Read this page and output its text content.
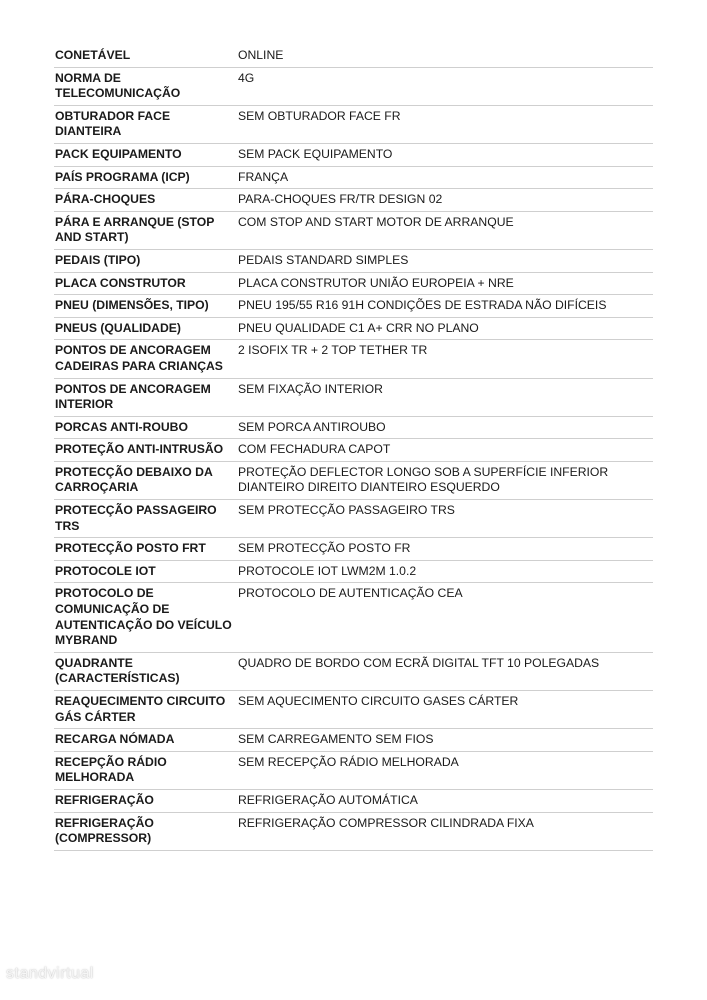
CONETÁVEL	ONLINE
NORMA DE TELECOMUNICAÇÃO	4G
OBTURADOR FACE DIANTEIRA	SEM OBTURADOR FACE FR
PACK EQUIPAMENTO	SEM PACK EQUIPAMENTO
PAÍS PROGRAMA (ICP)	FRANÇA
PÁRA-CHOQUES	PARA-CHOQUES FR/TR DESIGN 02
PÁRA E ARRANQUE (STOP AND START)	COM STOP AND START MOTOR DE ARRANQUE
PEDAIS (TIPO)	PEDAIS STANDARD SIMPLES
PLACA CONSTRUTOR	PLACA CONSTRUTOR UNIÃO EUROPEIA + NRE
PNEU (DIMENSÕES, TIPO)	PNEU 195/55 R16 91H CONDIÇÕES DE ESTRADA NÃO DIFÍCEIS
PNEUS (QUALIDADE)	PNEU QUALIDADE C1 A+ CRR NO PLANO
PONTOS DE ANCORAGEM CADEIRAS PARA CRIANÇAS	2 ISOFIX TR + 2 TOP TETHER TR
PONTOS DE ANCORAGEM INTERIOR	SEM FIXAÇÃO INTERIOR
PORCAS ANTI-ROUBO	SEM PORCA ANTIROUBO
PROTEÇÃO ANTI-INTRUSÃO	COM FECHADURA CAPOT
PROTECÇÃO DEBAIXO DA CARROÇARIA	PROTEÇÃO DEFLECTOR LONGO SOB A SUPERFÍCIE INFERIOR DIANTEIRO DIREITO DIANTEIRO ESQUERDO
PROTECÇÃO PASSAGEIRO TRS	SEM PROTECÇÃO PASSAGEIRO TRS
PROTECÇÃO POSTO FRT	SEM PROTECÇÃO POSTO FR
PROTOCOLE IOT	PROTOCOLE IOT LWM2M 1.0.2
PROTOCOLO DE COMUNICAÇÃO DE AUTENTICAÇÃO DO VEÍCULO MYBRAND	PROTOCOLO DE AUTENTICAÇÃO CEA
QUADRANTE (CARACTERÍSTICAS)	QUADRO DE BORDO COM ECRÃ DIGITAL TFT 10 POLEGADAS
REAQUECIMENTO CIRCUITO GÁS CÁRTER	SEM AQUECIMENTO CIRCUITO GASES CÁRTER
RECARGA NÓMADA	SEM CARREGAMENTO SEM FIOS
RECEPÇÃO RÁDIO MELHORADA	SEM RECEPÇÃO RÁDIO MELHORADA
REFRIGERAÇÃO	REFRIGERAÇÃO AUTOMÁTICA
REFRIGERAÇÃO (COMPRESSOR)	REFRIGERAÇÃO COMPRESSOR CILINDRADA FIXA
standvirtual
